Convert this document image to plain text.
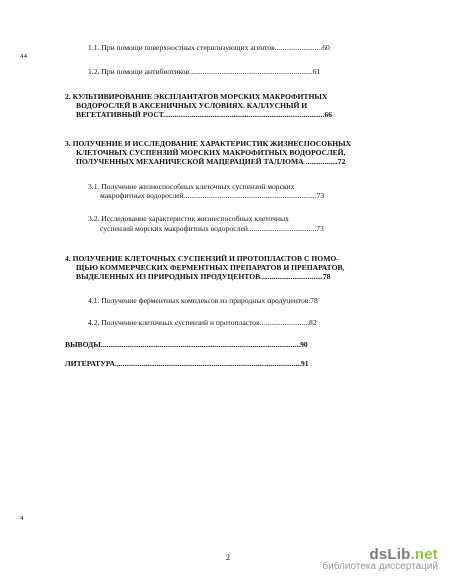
⁴⁴
⁴
1.1. При помощи поверхностных стерилизующих агентов.........................60
1.2. При помощи антибиотиков.................................................................61
2. КУЛЬТИВИРОВАНИЕ ЭКСПЛАНТАТОВ МОРСКИХ МАКРОФИТНЫХ
ВОДОРОСЛЕЙ В АКСЕНИЧНЫХ УСЛОВИЯХ. КАЛЛУСНЫЙ И
ВЕГЕТАТИВНЫЙ РОСТ.....................................................................................66
3. ПОЛУЧЕНИЕ И ИССЛЕДОВАНИЕ ХАРАКТЕРИСТИК ЖИЗНЕСПОСОБНЫХ
КЛЕТОЧНЫХ СУСПЕНЗИЙ МОРСКИХ МАКРОФИТНЫХ ВОДОРОСЛЕЙ,
ПОЛУЧЕННЫХ МЕХАНИЧЕСКОЙ МАЦЕРАЦИЕЙ ТАЛЛОМА .................72
3.1. Получение жизнеспособных клеточных суспензий морских
макрофитных водорослей......................................................................73
3.2. Исследование характеристик жизнеспособных клеточных
суспензий морских макрофитных водорослей....................................73
4. ПОЛУЧЕНИЕ КЛЕТОЧНЫХ СУСПЕНЗИЙ И ПРОТОПЛАСТОВ С ПОМО-
ЩЬЮ КОММЕРЧЕСКИХ ФЕРМЕНТНЫХ ПРЕПАРАТОВ И ПРЕПАРАТОВ,
ВЫДЕЛЕННЫХ ИЗ ПРИРОДНЫХ ПРОДУЦЕНТОВ.................................78
4.1. Получение ферментных комплексов из природных продуцентов.78
4.2. Получение клеточных суспензий и протопластов..........................82
ВЫВОДЫ.........................................................................................................90
ЛИТЕРАТУРА..................................................................................................91
2	dsLib.net
библиотека диссертаций
